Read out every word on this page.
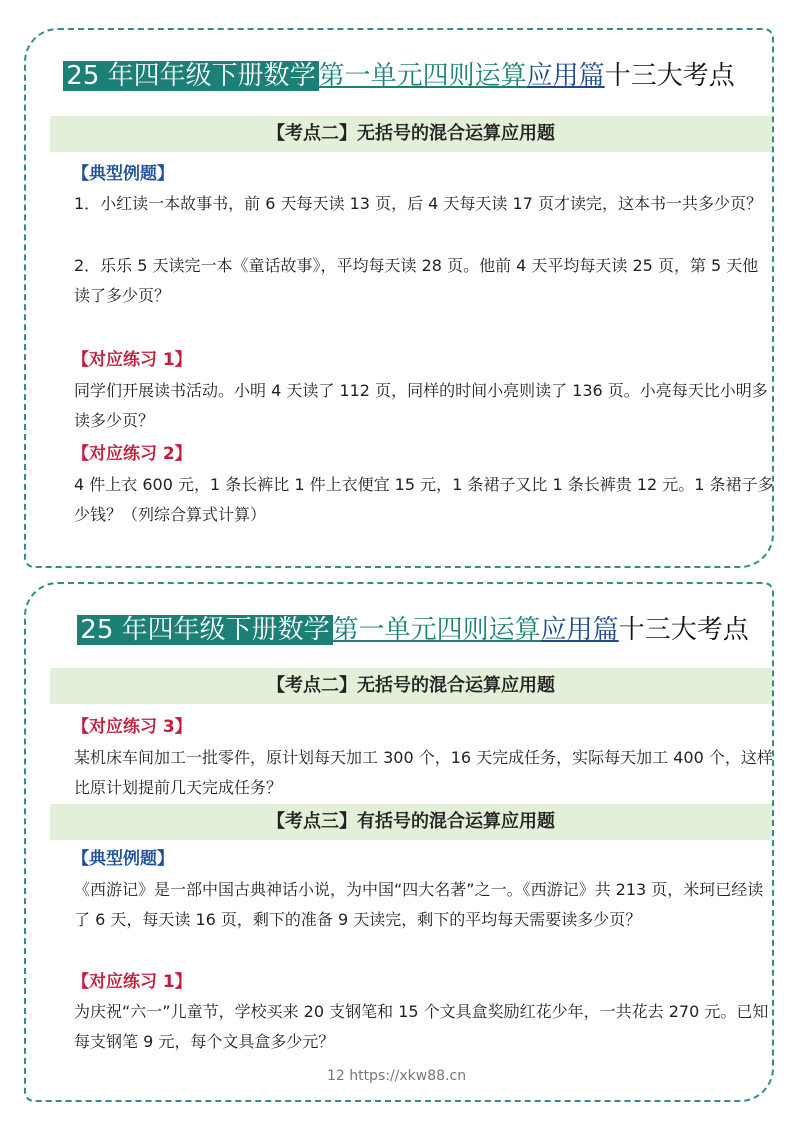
25 年四年级下册数学 第一单元四则运算应用篇十三大考点
【考点二】无括号的混合运算应用题
【典型例题】
1．小红读一本故事书，前 6 天每天读 13 页，后 4 天每天读 17 页才读完，这本书一共多少页？
2．乐乐 5 天读完一本《童话故事》，平均每天读 28 页。他前 4 天平均每天读 25 页，第 5 天他读了多少页？
【对应练习 1】
同学们开展读书活动。小明 4 天读了 112 页，同样的时间小亮则读了 136 页。小亮每天比小明多读多少页？
【对应练习 2】
4 件上衣 600 元，1 条长裤比 1 件上衣便宜 15 元，1 条裙子又比 1 条长裤贵 12 元。1 条裙子多少钱？（列综合算式计算）
25 年四年级下册数学 第一单元四则运算应用篇十三大考点
【考点二】无括号的混合运算应用题
【对应练习 3】
某机床车间加工一批零件，原计划每天加工 300 个，16 天完成任务，实际每天加工 400 个，这样比原计划提前几天完成任务？
【考点三】有括号的混合运算应用题
【典型例题】
《西游记》是一部中国古典神话小说，为中国“四大名著”之一。《西游记》共 213 页，米珂已经读了 6 天，每天读 16 页，剩下的准备 9 天读完，剩下的平均每天需要读多少页？
【对应练习 1】
为庆祝“六一”儿童节，学校买来 20 支钢笔和 15 个文具盒奖励红花少年，一共花去 270 元。已知每支钢笔 9 元，每个文具盒多少元？
12 https://xkw88.cn
